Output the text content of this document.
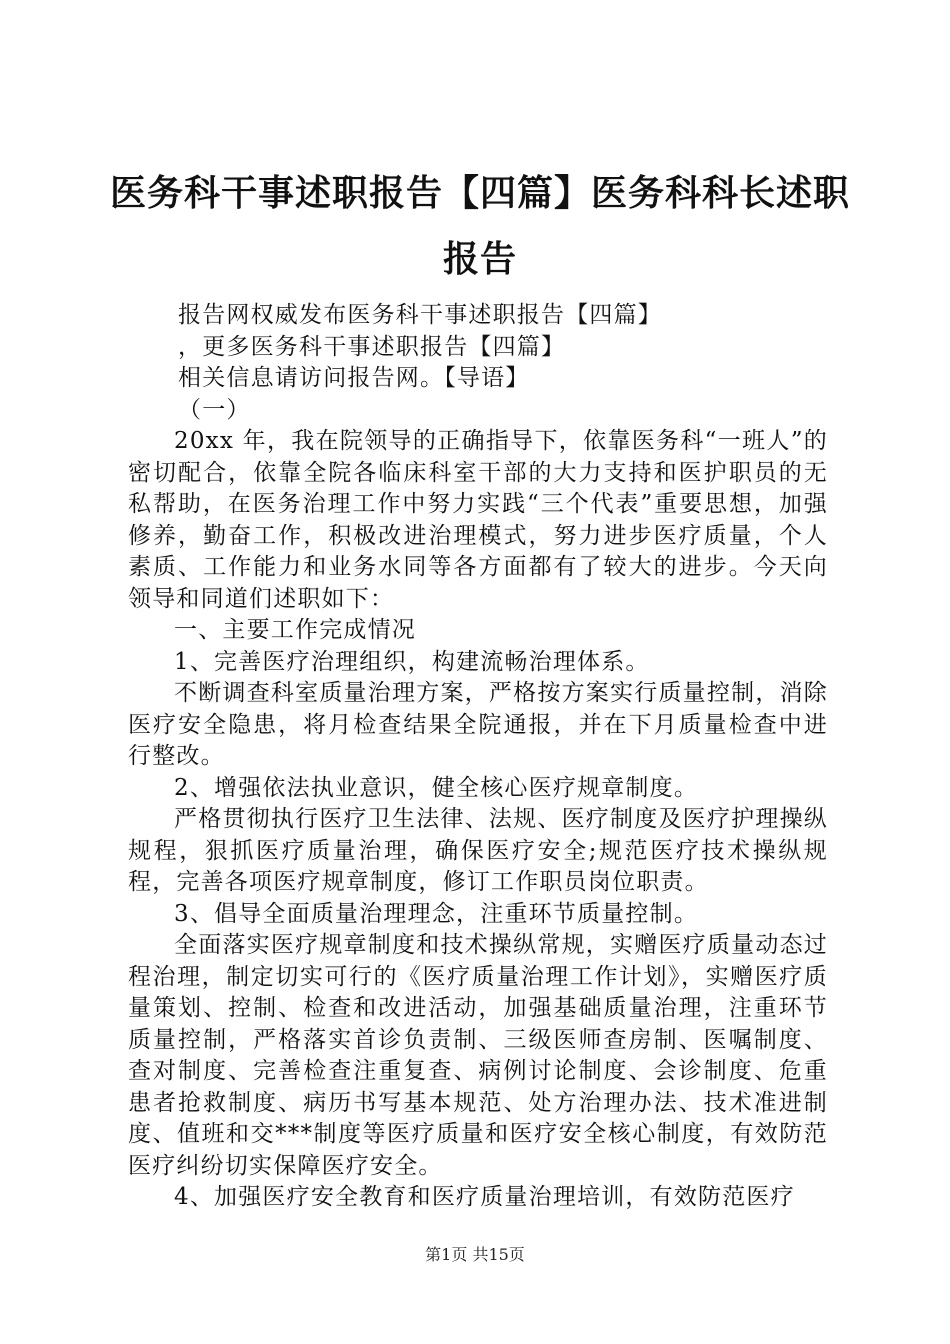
医务科干事述职报告【四篇】医务科科长述职报告

报告网权威发布医务科干事述职报告【四篇】

，更多医务科干事述职报告【四篇】

相关信息请访问报告网。【导语】

（一）

20xx 年，我在院领导的正确指导下，依靠医务科“一班人”的密切配合，依靠全院各临床科室干部的大力支持和医护职员的无私帮助，在医务治理工作中努力实践“三个代表”重要思想，加强修养，勤奋工作，积极改进治理模式，努力进步医疗质量，个人素质、工作能力和业务水同等各方面都有了较大的进步。今天向领导和同道们述职如下：

一、主要工作完成情况

1、完善医疗治理组织，构建流畅治理体系。

不断调查科室质量治理方案，严格按方案实行质量控制，消除医疗安全隐患，将月检查结果全院通报，并在下月质量检查中进行整改。

2、增强依法执业意识，健全核心医疗规章制度。

严格贯彻执行医疗卫生法律、法规、医疗制度及医疗护理操纵规程，狠抓医疗质量治理，确保医疗安全;规范医疗技术操纵规程，完善各项医疗规章制度，修订工作职员岗位职责。

3、倡导全面质量治理理念，注重环节质量控制。

全面落实医疗规章制度和技术操纵常规，实赠医疗质量动态过程治理，制定切实可行的《医疗质量治理工作计划》，实赠医疗质量策划、控制、检查和改进活动，加强基础质量治理，注重环节质量控制，严格落实首诊负责制、三级医师查房制、医嘱制度、查对制度、完善检查注重复查、病例讨论制度、会诊制度、危重患者抢救制度、病历书写基本规范、处方治理办法、技术准进制度、值班和交***制度等医疗质量和医疗安全核心制度，有效防范医疗纠纷切实保障医疗安全。

4、加强医疗安全教育和医疗质量治理培训，有效防范医疗

第1页 共15页
